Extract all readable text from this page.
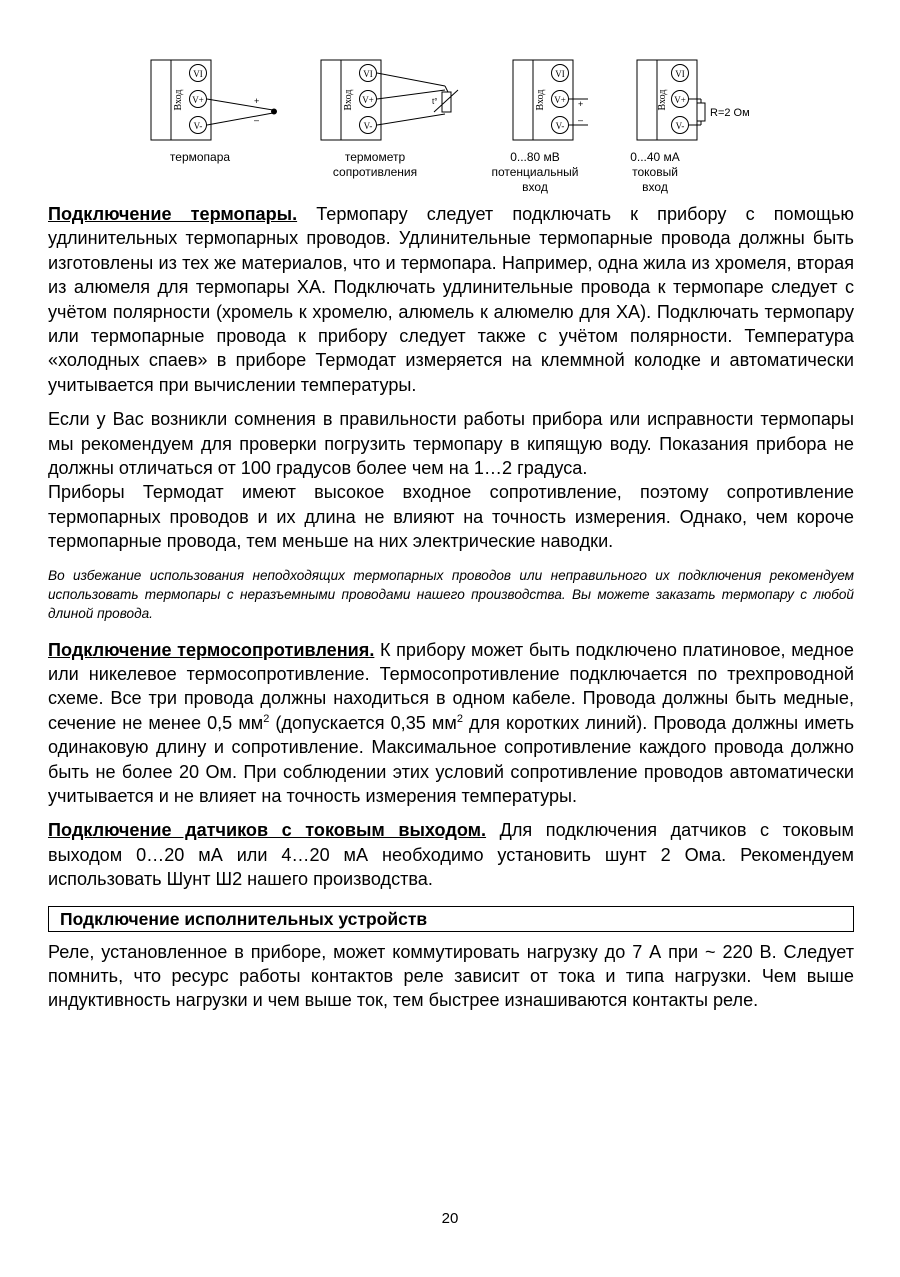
VI
V+
V-
Вход	+
–
термопара
VI
V+
V-
Вход	t°
термометр
сопротивления
VI
V+
V-
Вход	+
–
0...80 мВ
потенциальный
вход
VI
V+
V-
Вход
R=2 Ом
0...40 мА
токовый
вход

Подключение термопары. Термопару следует подключать к прибору с помощью удлинительных термопарных проводов. Удлинительные термопарные провода должны быть изготовлены из тех же материалов, что и термопара. Например, одна жила из хромеля, вторая из алюмеля для термопары ХА. Подключать удлинительные провода к термопаре следует с учётом полярности (хромель к хромелю, алюмель к алюмелю для ХА). Подключать термопару или термопарные провода к прибору следует также с учётом полярности. Температура «холодных спаев» в приборе Термодат измеряется на клеммной колодке и автоматически учитывается при вычислении температуры.

Если у Вас возникли сомнения в правильности работы прибора или исправности термопары мы рекомендуем для проверки погрузить термопару в кипящую воду. Показания прибора не должны отличаться от 100 градусов более чем на 1…2 градуса.

Приборы Термодат имеют высокое входное сопротивление, поэтому сопротивление термопарных проводов и их длина не влияют на точность измерения. Однако, чем короче термопарные провода, тем меньше на них электрические наводки.

Во избежание использования неподходящих термопарных проводов или неправильного их подключения рекомендуем использовать термопары с неразъемными проводами нашего производства. Вы можете заказать термопару с любой длиной провода.

Подключение термосопротивления. К прибору может быть подключено платиновое, медное или никелевое термосопротивление. Термосопротивление подключается по трехпроводной схеме. Все три провода должны находиться в одном кабеле. Провода должны быть медные, сечение не менее 0,5 $мм^2$ (допускается 0,35 $мм^2$ для коротких линий). Провода должны иметь одинаковую длину и сопротивление. Максимальное сопротивление каждого провода должно быть не более 20 Ом. При соблюдении этих условий сопротивление проводов автоматически учитывается и не влияет на точность измерения температуры.

Подключение датчиков с токовым выходом. Для подключения датчиков с токовым выходом 0…20 мА или 4…20 мА необходимо установить шунт 2 Ома. Рекомендуем использовать Шунт Ш2 нашего производства.

Подключение исполнительных устройств

Реле, установленное в приборе, может коммутировать нагрузку до 7 А при ~ 220 В. Следует помнить, что ресурс работы контактов реле зависит от тока и типа нагрузки. Чем выше индуктивность нагрузки и чем выше ток, тем быстрее изнашиваются контакты реле.

20
